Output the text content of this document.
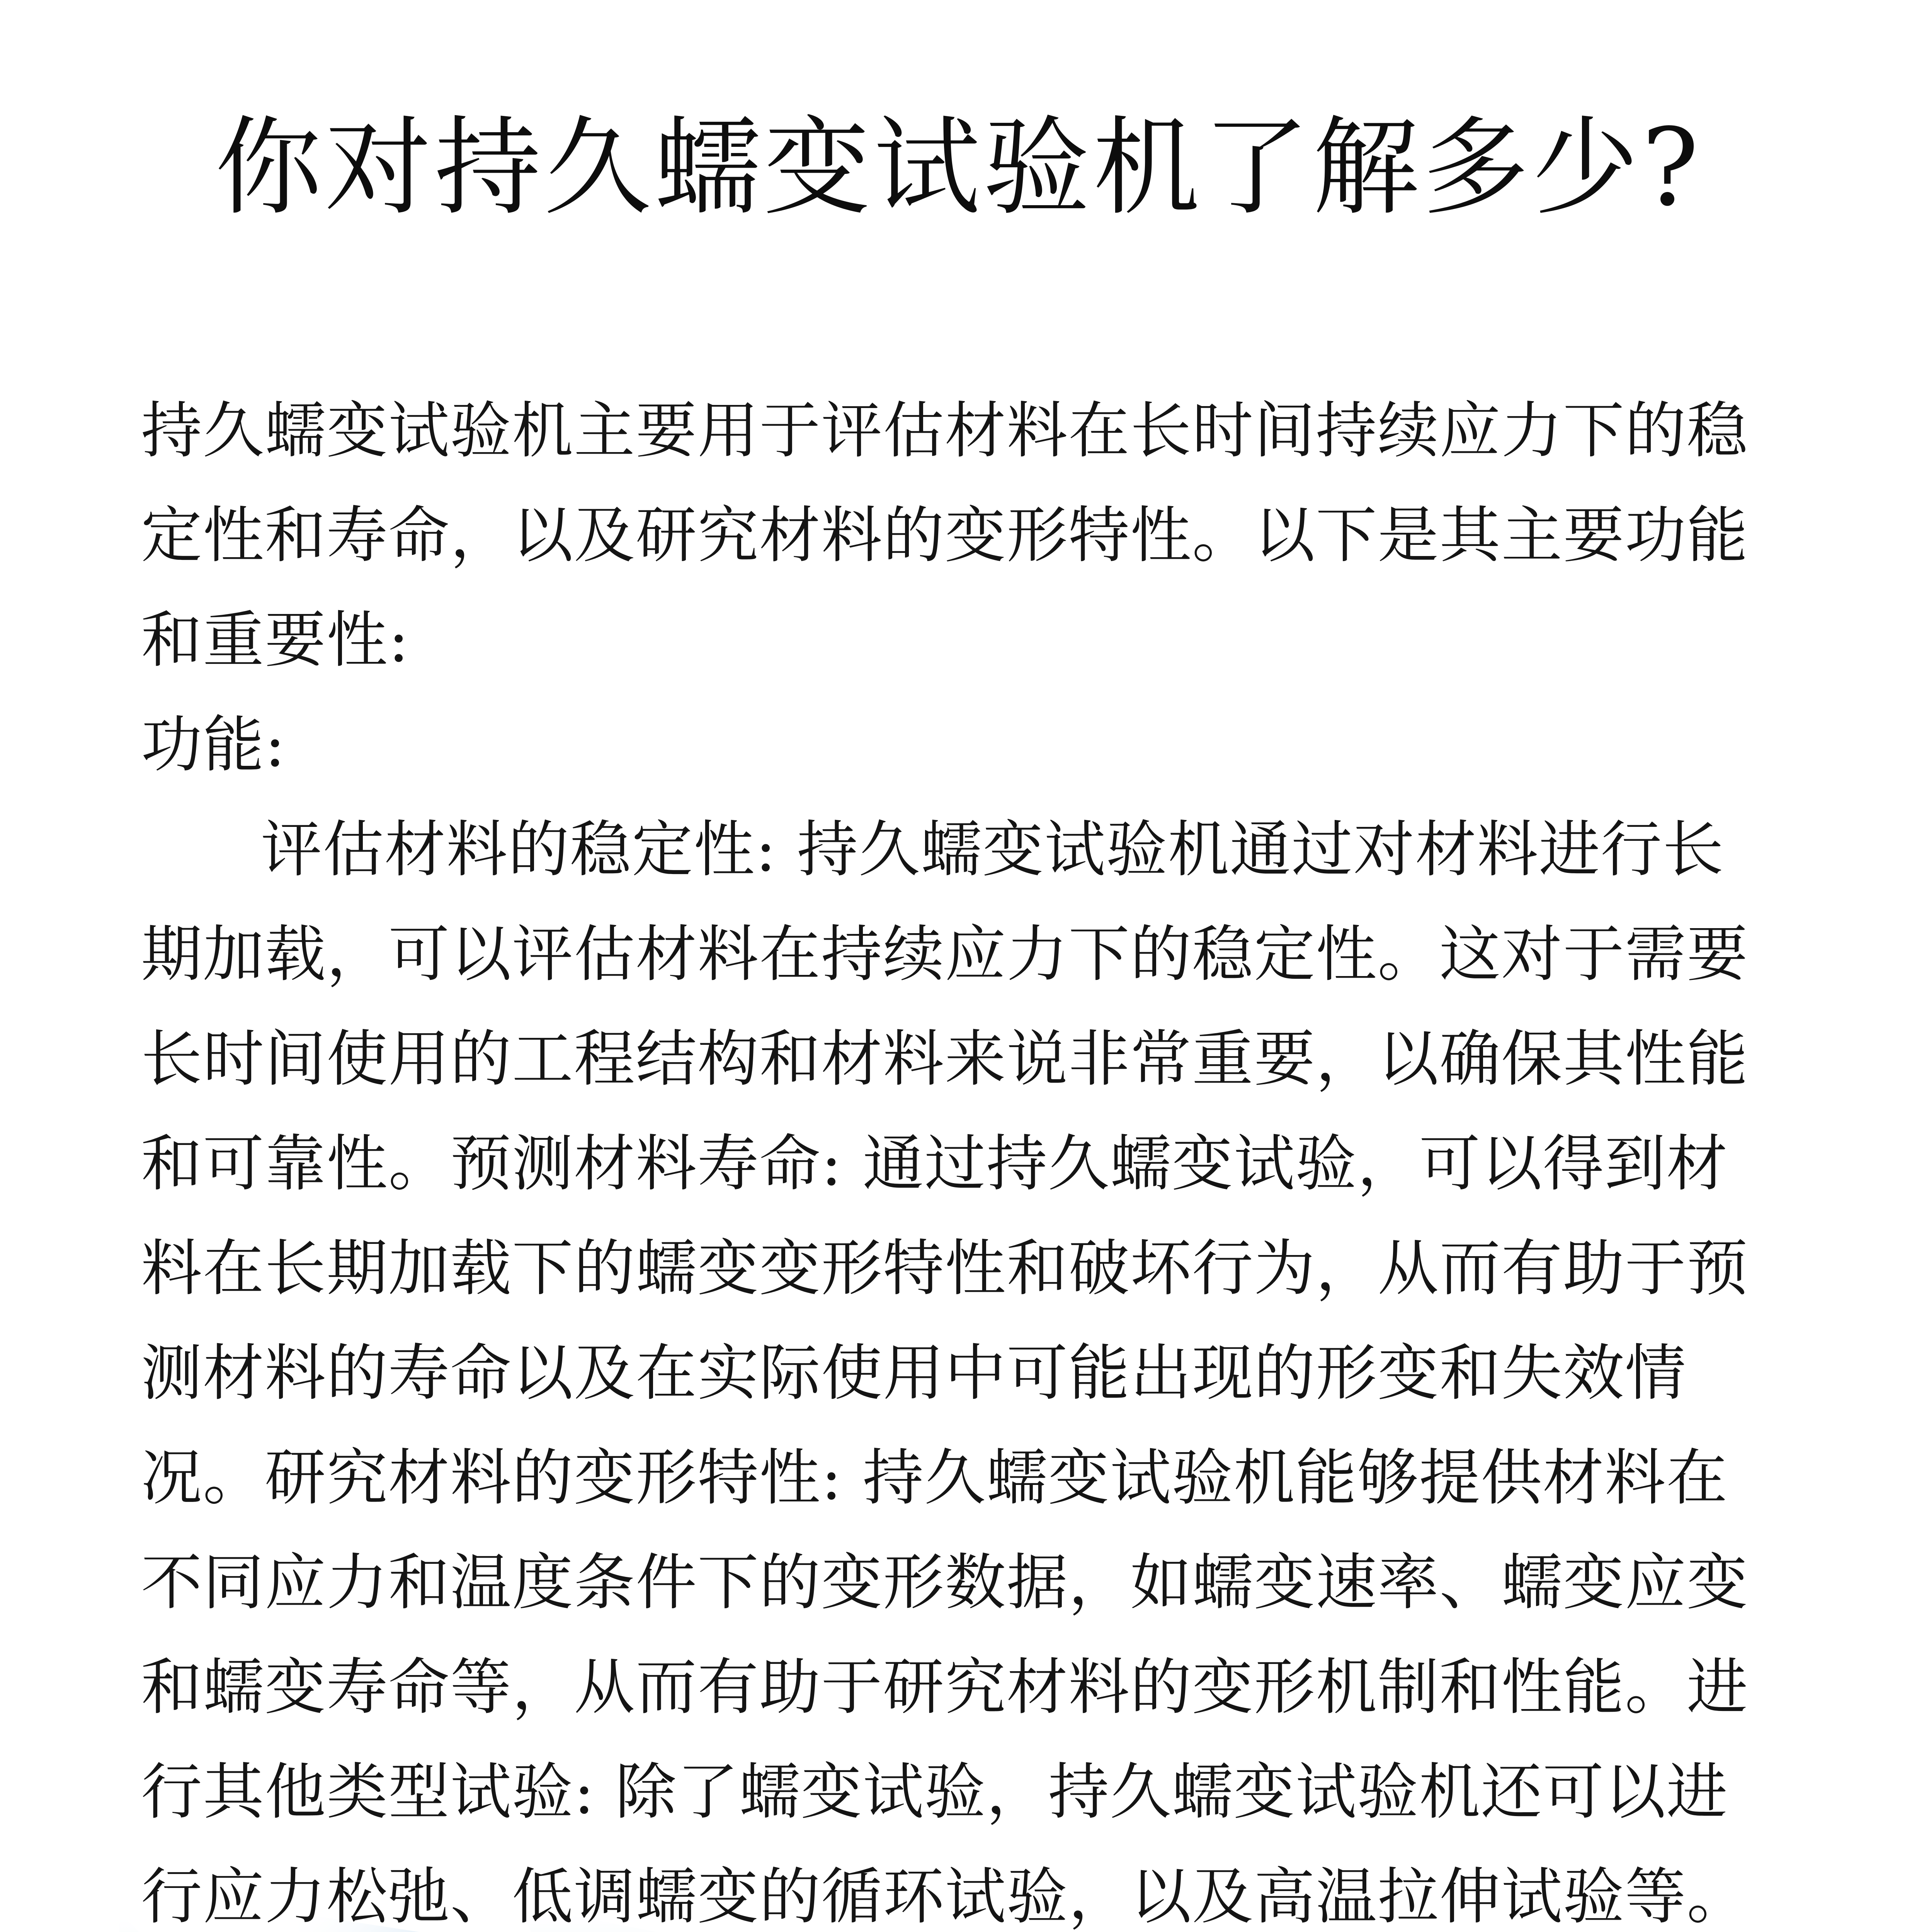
你对持久蠕变试验机了解多少?

持久蠕变试验机主要用于评估材料在长时间持续应力下的稳定性和寿命，以及研究材料的变形特性。以下是其主要功能和重要性:

功能:

评估材料的稳定性: 持久蠕变试验机通过对材料进行长期加载，可以评估材料在持续应力下的稳定性。这对于需要长时间使用的工程结构和材料来说非常重要，以确保其性能和可靠性。预测材料寿命: 通过持久蠕变试验，可以得到材料在长期加载下的蠕变变形特性和破坏行为，从而有助于预测材料的寿命以及在实际使用中可能出现的形变和失效情况。研究材料的变形特性: 持久蠕变试验机能够提供材料在不同应力和温度条件下的变形数据，如蠕变速率、蠕变应变和蠕变寿命等，从而有助于研究材料的变形机制和性能。进行其他类型试验: 除了蠕变试验，持久蠕变试验机还可以进行应力松弛、低调蠕变的循环试验，以及高温拉伸试验等。
